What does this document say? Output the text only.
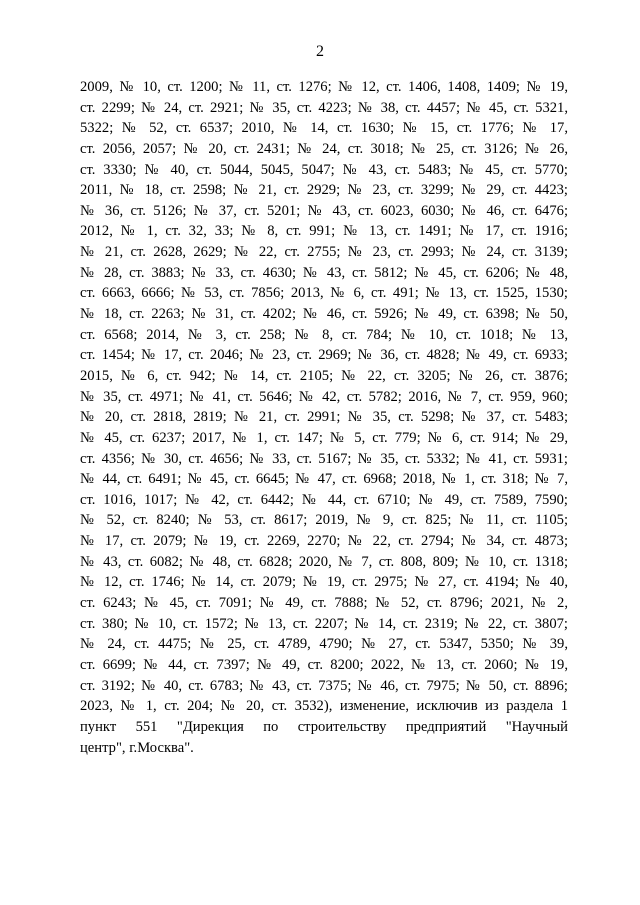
2
2009, № 10, ст. 1200; № 11, ст. 1276; № 12, ст. 1406, 1408, 1409; № 19,
ст. 2299; № 24, ст. 2921; № 35, ст. 4223; № 38, ст. 4457; № 45, ст. 5321,
5322; № 52, ст. 6537; 2010, № 14, ст. 1630; № 15, ст. 1776; № 17,
ст. 2056, 2057; № 20, ст. 2431; № 24, ст. 3018; № 25, ст. 3126; № 26,
ст. 3330; № 40, ст. 5044, 5045, 5047; № 43, ст. 5483; № 45, ст. 5770;
2011, № 18, ст. 2598; № 21, ст. 2929; № 23, ст. 3299; № 29, ст. 4423;
№ 36, ст. 5126; № 37, ст. 5201; № 43, ст. 6023, 6030; № 46, ст. 6476;
2012, № 1, ст. 32, 33; № 8, ст. 991; № 13, ст. 1491; № 17, ст. 1916;
№ 21, ст. 2628, 2629; № 22, ст. 2755; № 23, ст. 2993; № 24, ст. 3139;
№ 28, ст. 3883; № 33, ст. 4630; № 43, ст. 5812; № 45, ст. 6206; № 48,
ст. 6663, 6666; № 53, ст. 7856; 2013, № 6, ст. 491; № 13, ст. 1525, 1530;
№ 18, ст. 2263; № 31, ст. 4202; № 46, ст. 5926; № 49, ст. 6398; № 50,
ст. 6568; 2014, № 3, ст. 258; № 8, ст. 784; № 10, ст. 1018; № 13,
ст. 1454; № 17, ст. 2046; № 23, ст. 2969; № 36, ст. 4828; № 49, ст. 6933;
2015, № 6, ст. 942; № 14, ст. 2105; № 22, ст. 3205; № 26, ст. 3876;
№ 35, ст. 4971; № 41, ст. 5646; № 42, ст. 5782; 2016, № 7, ст. 959, 960;
№ 20, ст. 2818, 2819; № 21, ст. 2991; № 35, ст. 5298; № 37, ст. 5483;
№ 45, ст. 6237; 2017, № 1, ст. 147; № 5, ст. 779; № 6, ст. 914; № 29,
ст. 4356; № 30, ст. 4656; № 33, ст. 5167; № 35, ст. 5332; № 41, ст. 5931;
№ 44, ст. 6491; № 45, ст. 6645; № 47, ст. 6968; 2018, № 1, ст. 318; № 7,
ст. 1016, 1017; № 42, ст. 6442; № 44, ст. 6710; № 49, ст. 7589, 7590;
№ 52, ст. 8240; № 53, ст. 8617; 2019, № 9, ст. 825; № 11, ст. 1105;
№ 17, ст. 2079; № 19, ст. 2269, 2270; № 22, ст. 2794; № 34, ст. 4873;
№ 43, ст. 6082; № 48, ст. 6828; 2020, № 7, ст. 808, 809; № 10, ст. 1318;
№ 12, ст. 1746; № 14, ст. 2079; № 19, ст. 2975; № 27, ст. 4194; № 40,
ст. 6243; № 45, ст. 7091; № 49, ст. 7888; № 52, ст. 8796; 2021, № 2,
ст. 380; № 10, ст. 1572; № 13, ст. 2207; № 14, ст. 2319; № 22, ст. 3807;
№ 24, ст. 4475; № 25, ст. 4789, 4790; № 27, ст. 5347, 5350; № 39,
ст. 6699; № 44, ст. 7397; № 49, ст. 8200; 2022, № 13, ст. 2060; № 19,
ст. 3192; № 40, ст. 6783; № 43, ст. 7375; № 46, ст. 7975; № 50, ст. 8896;
2023, № 1, ст. 204; № 20, ст. 3532), изменение, исключив из раздела 1
пункт 551 "Дирекция по строительству предприятий "Научный
центр", г.Москва".
